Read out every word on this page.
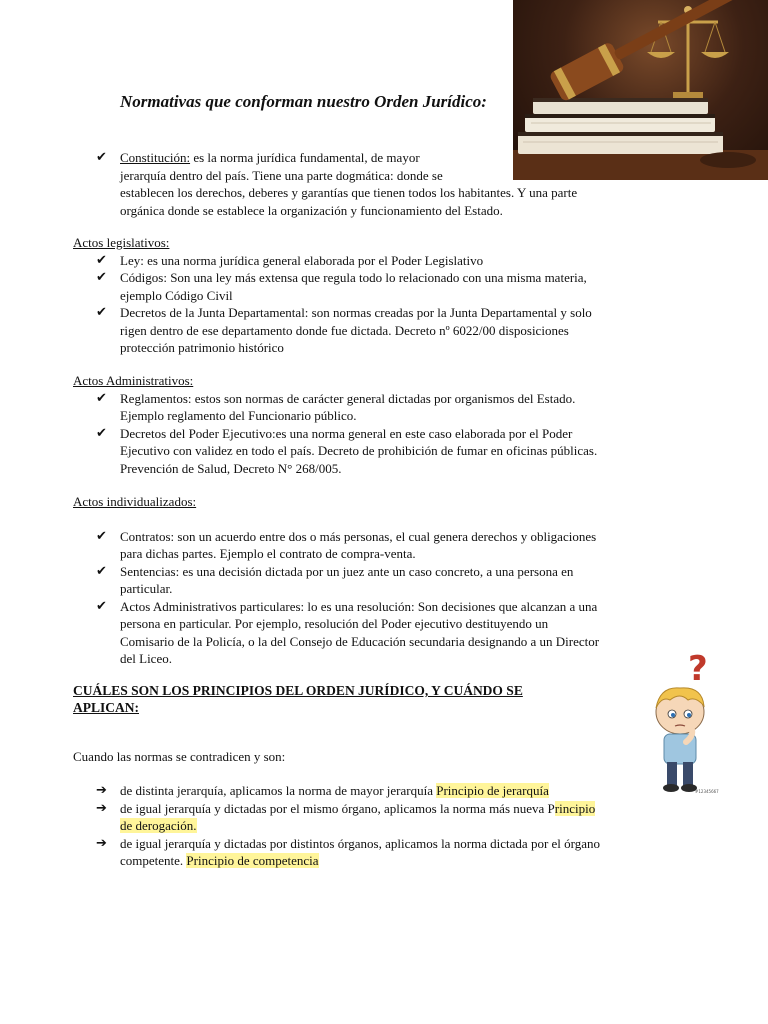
Normativas que conforman nuestro Orden Jurídico:
✔ Constitución: es la norma jurídica fundamental, de mayor
jerarquía dentro del país. Tiene una parte dogmática: donde se
establecen los derechos, deberes y garantías que tienen todos los habitantes. Y una parte
orgánica donde se establece la organización y funcionamiento del Estado.
Actos legislativos:
✔ Ley: es una norma jurídica general elaborada por el Poder Legislativo
✔ Códigos: Son una ley más extensa que regula todo lo relacionado con una misma materia,
ejemplo Código Civil
✔ Decretos de la Junta Departamental: son normas creadas por la Junta Departamental y solo
rigen dentro de ese departamento donde fue dictada. Decreto nº 6022/00 disposiciones
protección patrimonio histórico
Actos Administrativos:
✔ Reglamentos: estos son normas de carácter general dictadas por organismos del Estado.
Ejemplo reglamento del Funcionario público.
✔ Decretos del Poder Ejecutivo:es una norma general en este caso elaborada por el Poder
Ejecutivo con validez en todo el país. Decreto de prohibición de fumar en oficinas públicas.
Prevención de Salud, Decreto N° 268/005.
Actos individualizados:
✔ Contratos: son un acuerdo entre dos o más personas, el cual genera derechos y obligaciones
para dichas partes. Ejemplo el contrato de compra-venta.
✔ Sentencias: es una decisión dictada por un juez ante un caso concreto, a una persona en
particular.
✔ Actos Administrativos particulares: lo es una resolución: Son decisiones que alcanzan a una
persona en particular. Por ejemplo, resolución del Poder ejecutivo destituyendo un
Comisario de la Policía, o la del Consejo de Educación secundaria designando a un Director
del Liceo.
CUÁLES SON LOS PRINCIPIOS DEL ORDEN JURÍDICO, Y CUÁNDO SE
APLICAN:
Cuando las normas se contradicen y son:
➔ de distinta jerarquía, aplicamos la norma de mayor jerarquía Principio de jerarquía
➔ de igual jerarquía y dictadas por el mismo órgano, aplicamos la norma más nueva Principio
de derogación.
➔ de igual jerarquía y dictadas por distintos órganos, aplicamos la norma dictada por el órgano
competente. Principio de competencia
?
#12345667
